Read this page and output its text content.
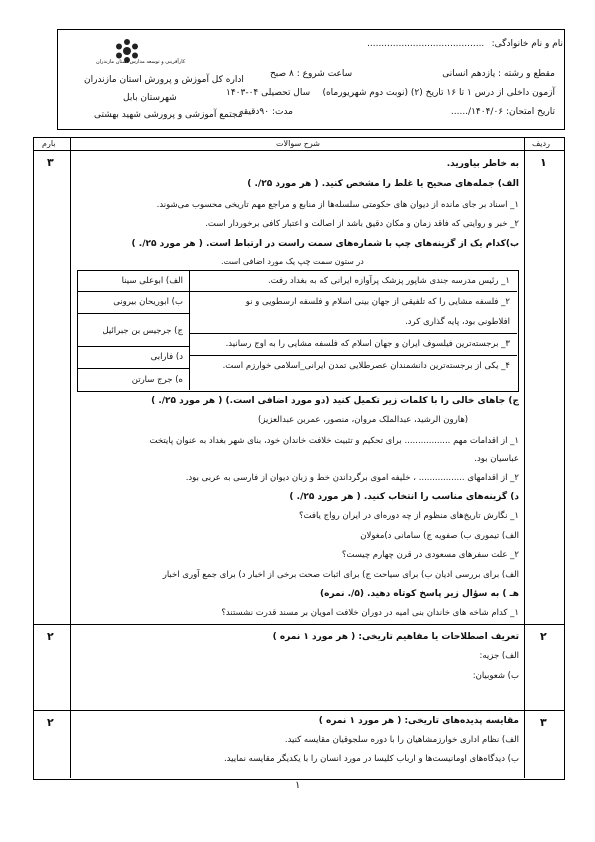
نام و نام خانوادگی:
.........................................
کارآفرینی و توسعه مدارس استان مازندران
اداره کل آموزش و پرورش استان مازندران
شهرستان بابل
مجتمع آموزشی و پرورشی شهید بهشتی
ساعت شروع : ۸ صبح
سال تحصیلی ۰۴-۱۴۰۳
مدت: ۹۰دقیقه
مقطع و رشته : یازدهم انسانی
آزمون داخلی از درس ۱ تا ۱۶ تاریخ (۲) (نوبت دوم شهریورماه)
تاریخ امتحان: ۱۴۰۴/۰۶/......
ردیف
شرح سوالات
بارم
۱
۳	به خاطر بیاورید.
الف) جمله‌های صحیح یا غلط را مشخص کنید. ( هر مورد ۲۵/. )
۱_ اسناد بر جای مانده از دیوان های حکومتی سلسله‌ها از منابع و مراجع مهم تاریخی محسوب می‌شوند.
۲_ خبر و روایتی که فاقد زمان و مکان دقیق باشد از اصالت و اعتبار کافی برخوردار است.
ب)کدام یک از گزینه‌های چپ با شماره‌های سمت راست در ارتباط است. ( هر مورد ۲۵/. )
در ستون سمت چپ یک مورد اضافی است.
۱_ رئیس مدرسه جندی شاپور پزشک پرآوازه ایرانی که به بغداد رفت.
۲_ فلسفه مشایی را که تلفیقی از جهان بینی اسلام و فلسفه ارسطویی و نو
افلاطونی بود، پایه گذاری کرد.
۳_ برجسته‌ترین فیلسوف ایران و جهان اسلام که فلسفه مشایی را به اوج رسانید.
۴_ یکی از برجسته‌ترین دانشمندان عصرطلایی تمدن ایرانی_اسلامی خوارزم است.
الف) ابوعلی سینا
ب) ابوریحان بیرونی
ج) جرجیس بن جبرائیل
د) فارابی
ه) جرج سارتن
ج) جاهای خالی را با کلمات زیر تکمیل کنید (دو مورد اضافی است.) ( هر مورد ۲۵/. )
(هارون الرشید، عبدالملک مروان، منصور، عمربن عبدالعزیز)
۱_ از اقدامات مهم ................. برای تحکیم و تثبیت خلافت خاندان خود، بنای شهر بغداد به عنوان پایتخت
عباسیان بود.
۲_ از اقدامهای ................. ، خلیفه اموی برگرداندن خط و زبان دیوان از فارسی به عربی بود.
د) گزینه‌های مناسب را انتخاب کنید. ( هر مورد ۲۵/. )
۱_ نگارش تاریخ‌های منظوم از چه دوره‌ای در ایران رواج یافت؟
الف) تیموری ب) صفویه ج) سامانی د)مغولان
۲_ علت سفرهای مسعودی در قرن چهارم چیست؟
الف) برای بررسی ادیان ب) برای سیاحت ج) برای اثبات صحت برخی از اخبار د) برای جمع آوری اخبار
هـ ) به سؤال زیر پاسخ کوتاه دهید. (۵/. نمره)
۱_ کدام شاخه های خاندان بنی امیه در دوران خلافت امویان بر مسند قدرت نشستند؟
۲
۲	تعریف اصطلاحات یا مفاهیم تاریخی: ( هر مورد ۱ نمره )
الف) جزیه:
ب) شعوبیان:
۳
۲	مقایسه پدیده‌های تاریخی: ( هر مورد ۱ نمره )
الف) نظام اداری خوارزمشاهیان را با دوره سلجوقیان مقایسه کنید.
ب) دیدگاه‌های اومانیست‌ها و ارباب کلیسا در مورد انسان را با یکدیگر مقایسه نمایید.
۱
